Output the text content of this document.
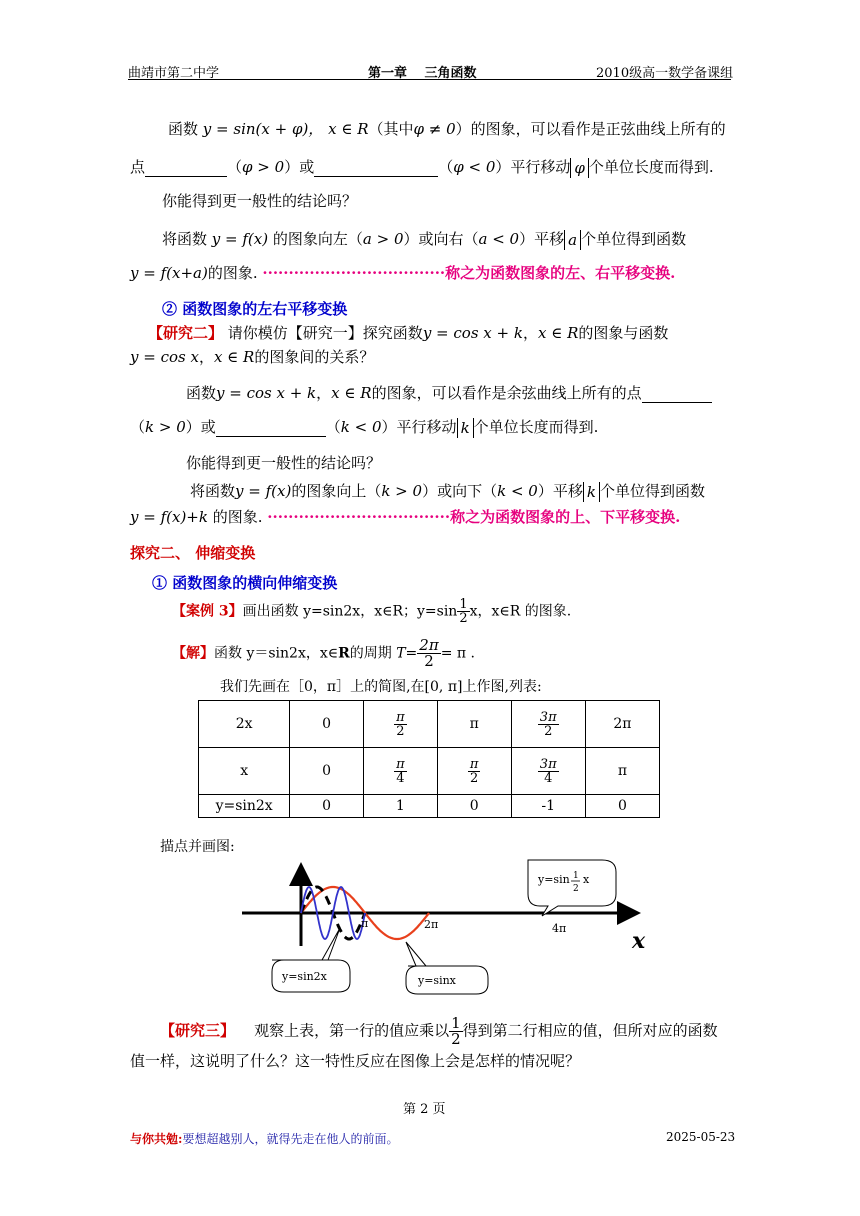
曲靖市第二中学	第一章　 三角函数	2010级高一数学备课组
函数 y = sin(x + φ)， x ∈ R（其中φ ≠ 0）的图象，可以看作是正弦曲线上所有的
点	（φ > 0）或	（φ < 0）平行移动 φ 个单位长度而得到.
你能得到更一般性的结论吗？
将函数 y = f(x) 的图象向左（a > 0）或向右（a < 0）平移 a 个单位得到函数
y = f(x+a)的图象. ···································称之为函数图象的左、右平移变换.
② 函数图象的左右平移变换
【研究二】 请你模仿【研究一】探究函数y = cos x + k，x ∈ R的图象与函数
y = cos x，x ∈ R的图象间的关系？
函数y = cos x + k，x ∈ R的图象，可以看作是余弦曲线上所有的点
（k > 0）或	（k < 0）平行移动 k 个单位长度而得到.
你能得到更一般性的结论吗？
将函数y = f(x)的图象向上（k > 0）或向下（k < 0）平移 k 个单位得到函数
y = f(x)+k 的图象. ···································称之为函数图象的上、下平移变换.
探究二、 伸缩变换
① 函数图象的横向伸缩变换
【案例 3】画出函数 y=sin2x，x∈R；$y=\sin \frac{1}{2}$ x，x∈R 的图象.
【解】函数 y＝sin2x，x∈R的周期 $T= \frac{2\pi}{2} = \pi$ .
我们先画在［0，π］上的简图,在[0, π]上作图,列表:
2x	0	$\frac{\pi}{2}$	π	$\frac{3\pi}{2}$	2π
x	0	$\frac{\pi}{4}$	$\frac{\pi}{2}$	$\frac{3\pi}{4}$	π
y=sin2x	0	1	0	-1	0
描点并画图:
π	2π	4π	x
y=sin 1
2
x
y=sin2x	y=sinx
【研究三】 观察上表，第一行的值应乘以 $\frac{1}{2}$ 得到第二行相应的值，但所对应的函数
值一样，这说明了什么？这一特性反应在图像上会是怎样的情况呢？
第 2 页
与你共勉:要想超越别人，就得先走在他人的前面。	2025-05-23
